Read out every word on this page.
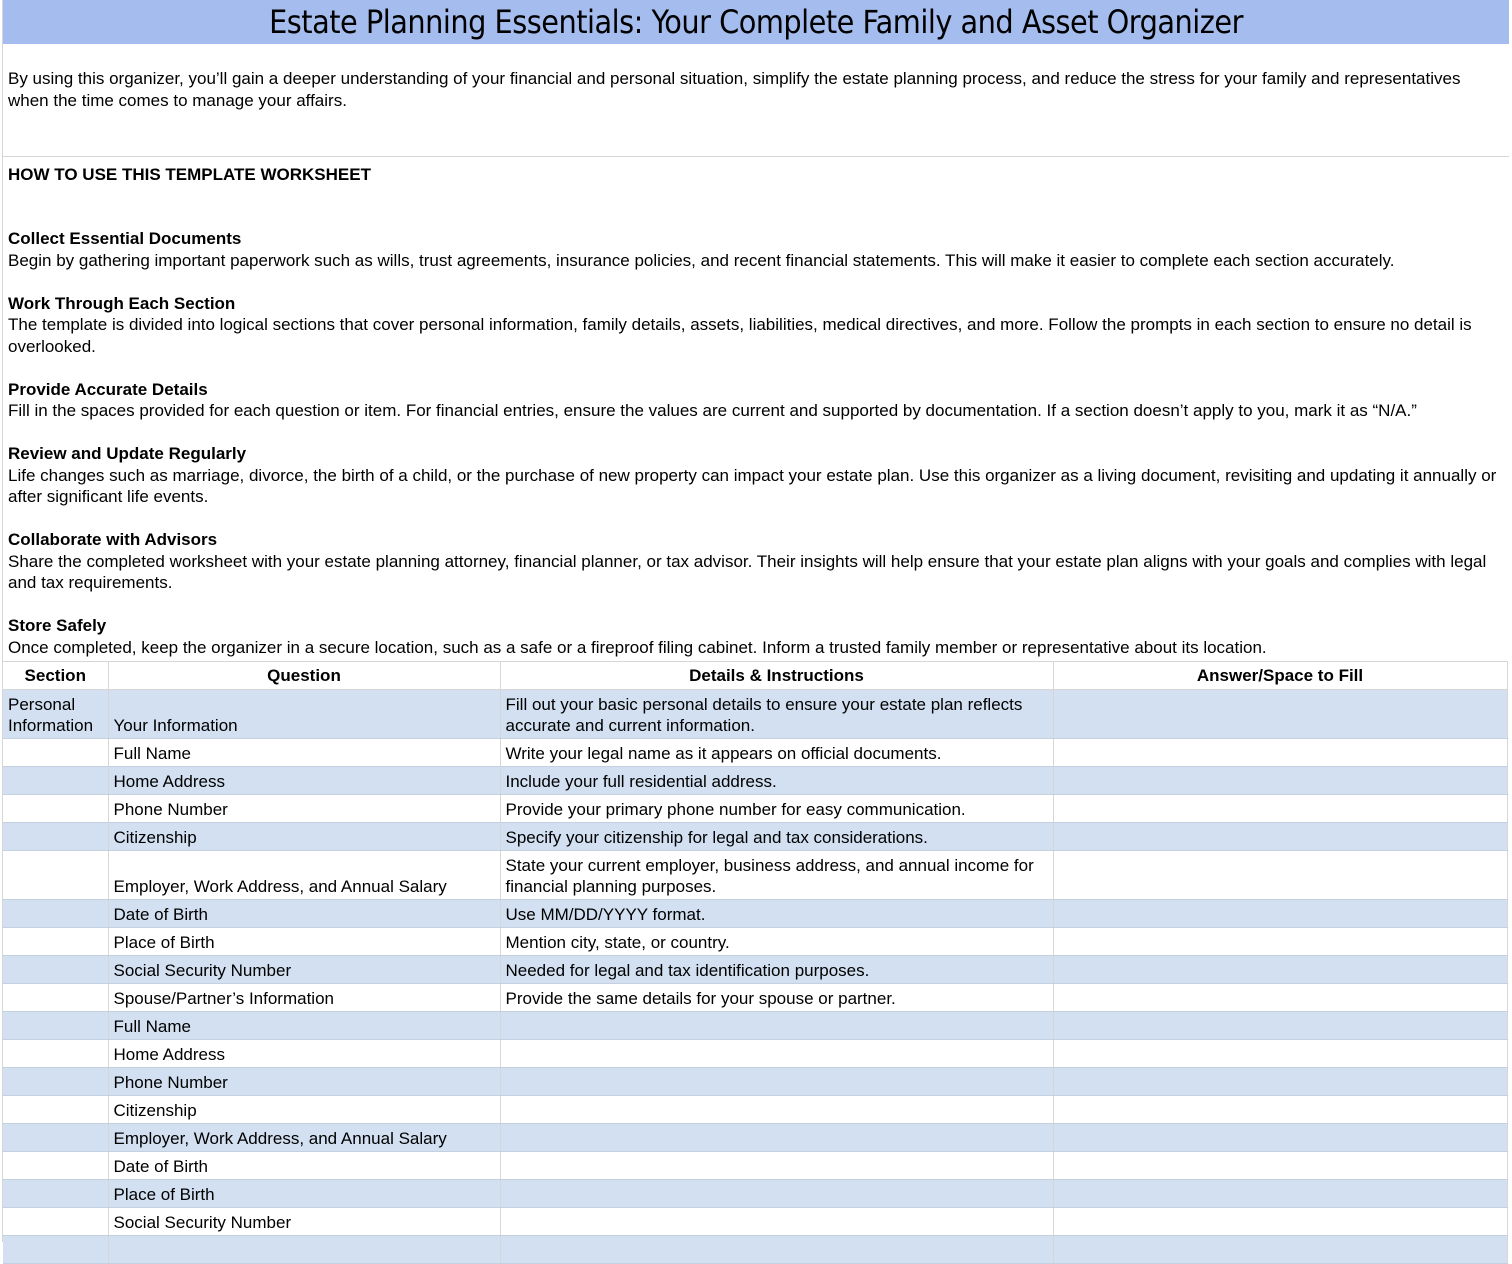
Estate Planning Essentials: Your Complete Family and Asset Organizer
By using this organizer, you’ll gain a deeper understanding of your financial and personal situation, simplify the estate planning process, and reduce the stress for your family and representatives when the time comes to manage your affairs.
HOW TO USE THIS TEMPLATE WORKSHEET
Collect Essential Documents
Begin by gathering important paperwork such as wills, trust agreements, insurance policies, and recent financial statements. This will make it easier to complete each section accurately.
Work Through Each Section
The template is divided into logical sections that cover personal information, family details, assets, liabilities, medical directives, and more. Follow the prompts in each section to ensure no detail is overlooked.
Provide Accurate Details
Fill in the spaces provided for each question or item. For financial entries, ensure the values are current and supported by documentation. If a section doesn’t apply to you, mark it as “N/A.”
Review and Update Regularly
Life changes such as marriage, divorce, the birth of a child, or the purchase of new property can impact your estate plan. Use this organizer as a living document, revisiting and updating it annually or after significant life events.
Collaborate with Advisors
Share the completed worksheet with your estate planning attorney, financial planner, or tax advisor. Their insights will help ensure that your estate plan aligns with your goals and complies with legal and tax requirements.
Store Safely
Once completed, keep the organizer in a secure location, such as a safe or a fireproof filing cabinet. Inform a trusted family member or representative about its location.
Section	Question	Details & Instructions	Answer/Space to Fill
Personal Information	Your Information	Fill out your basic personal details to ensure your estate plan reflects accurate and current information.	
	Full Name	Write your legal name as it appears on official documents.	
	Home Address	Include your full residential address.	
	Phone Number	Provide your primary phone number for easy communication.	
	Citizenship	Specify your citizenship for legal and tax considerations.	
	Employer, Work Address, and Annual Salary	State your current employer, business address, and annual income for financial planning purposes.	
	Date of Birth	Use MM/DD/YYYY format.	
	Place of Birth	Mention city, state, or country.	
	Social Security Number	Needed for legal and tax identification purposes.	
	Spouse/Partner’s Information	Provide the same details for your spouse or partner.	
	Full Name		
	Home Address		
	Phone Number		
	Citizenship		
	Employer, Work Address, and Annual Salary		
	Date of Birth		
	Place of Birth		
	Social Security Number		
